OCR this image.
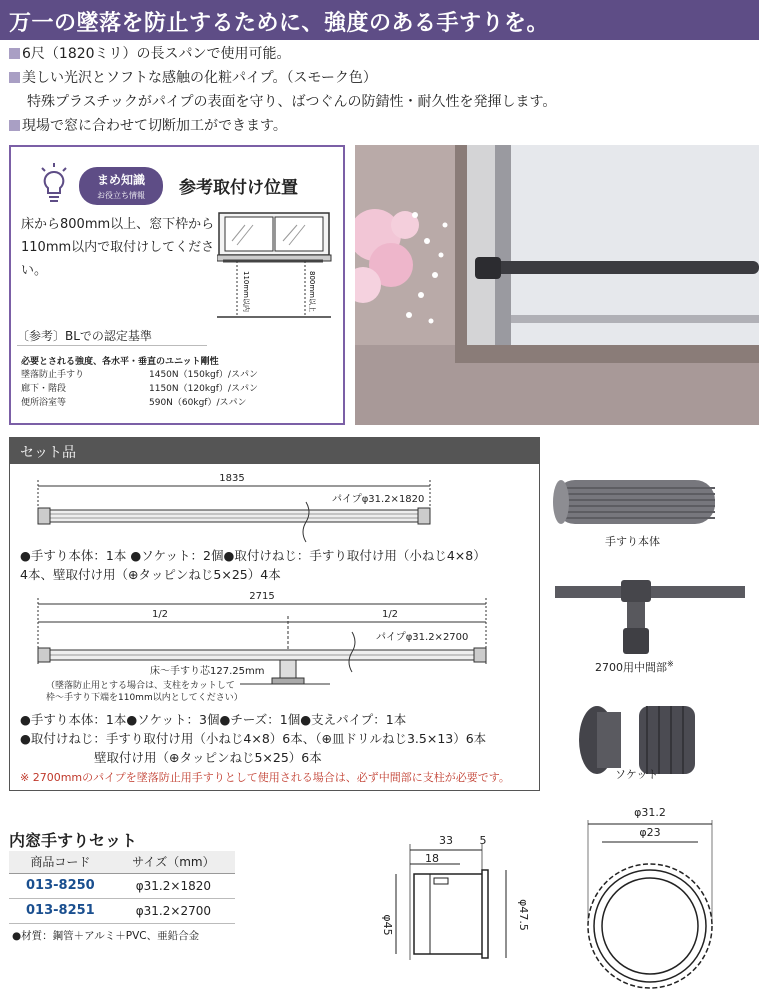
万一の墜落を防止するために、強度のある手すりを。
6尺（1820ミリ）の長スパンで使用可能。
美しい光沢とソフトな感触の化粧パイプ。（スモーク色）
特殊プラスチックがパイプの表面を守り、ばつぐんの防錆性・耐久性を発揮します。
現場で窓に合わせて切断加工ができます。
まめ知識
お役立ち情報	参考取付け位置
床から800mm以上、窓下枠から110mm以内で取付けしてください。
110mm以内	800mm以上
〔参考〕BLでの認定基準
必要とされる強度、各水平・垂直のユニット剛性
墜落防止手すり	1450N（150kgf）/スパン
廊下・階段	1150N（120kgf）/スパン
便所浴室等	590N（60kgf）/スパン
セット品
1835
パイプφ31.2×1820
2715
1/2	1/2
パイプφ31.2×2700
床～手すり芯127.25mm
（墜落防止用とする場合は、支柱をカットして
枠～手すり下端を110mm以内としてください）
●手すり本体：1本 ●ソケット：2個●取付けねじ：手すり取付け用（小ねじ4×8）
4本、壁取付け用（⊕タッピンねじ5×25）4本
●手すり本体：1本●ソケット：3個●チーズ：1個●支えパイプ：1本
●取付けねじ：手すり取付け用（小ねじ4×8）6本、（⊕皿ドリルねじ3.5×13）6本
壁取付け用（⊕タッピンねじ5×25）6本
※ 2700mmのパイプを墜落防止用手すりとして使用される場合は、必ず中間部に支柱が必要です。
手すり本体
2700用中間部※
ソケット
内窓手すりセット
商品コード	サイズ（mm）
013-8250	φ31.2×1820
013-8251	φ31.2×2700
●材質：鋼管＋アルミ＋PVC、亜鉛合金
33 5
18
φ45	φ47.5
φ31.2
φ23
